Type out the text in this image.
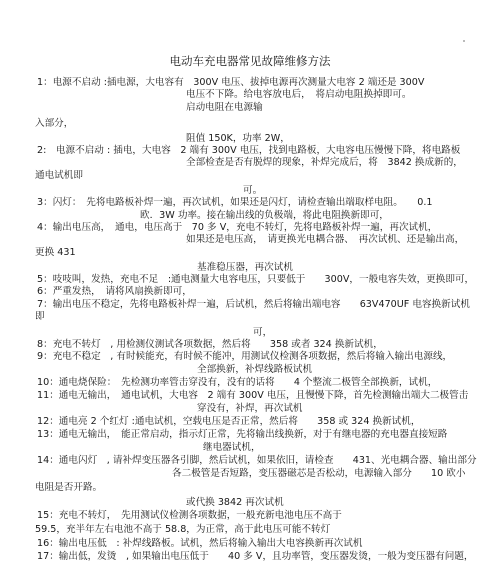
电动车充电器常见故障维修方法
1：电源不启动 :插电源，大电容有　300V 电压、拔掉电源再次测量大电容 2 端还是 300V
电压不下降。给电容放电后，　将启动电阻换掉即可。
启动电阻在电源输
入部分，
阻值 150K，功率 2W，
2:　电源不启动 : 插电，大电容　2 端有 300V 电压，找到电路板，大电容电压慢慢下降，将电路板
全部检查是否有脱焊的现象，补焊完成后，将　3842 换成新的，
通电试机即
可。
3：闪灯：　先将电路板补焊一遍，再次试机，如果还是闪灯，请检查输出端取样电阻。　　0.1
欧．3W 功率。接在输出线的负极端，将此电阻换新即可，
4：输出电压高，　通电，电压高于　70 多 V，充电不转灯，先将电路板补焊一遍，再次试机，
如果还是电压高，　请更换光电耦合器、　再次试机、还是输出高，
更换 431
基准稳压器，再次试机
5：吱吱叫，发热，充电不足　:通电测量大电容电压，只要低于　　300V，一般电容失效，更换即可，
6：严重发热，　请将风扇换新即可，
7：输出电压不稳定，先将电路板补焊一遍，后试机，然后将输出端电容　　63V470UF 电容换新试机
即
可，
8：充电不转灯　, 用检测仪测试各项数据，然后将　　358 或者 324 换新试机，
9：充电不稳定　, 有时候能充，有时候不能冲，用测试仪检测各项数据，然后将输入输出电源线，
全部换新，补焊线路板试机
10：通电烧保险：　先检测功率管击穿没有，没有的话将　　4 个整流二极管全部换新，试机，
11：通电无输出，　通电试机，大电容　2 端有 300V 电压，且慢慢下降，首先检测输出端大二极管击
穿没有，补焊，再次试机
12：通电亮 2 个红灯 :通电试机，空载电压是否正常，然后将　　358 或 324 换新试机，
13：通电无输出，　能正常启动，指示灯正常，先将输出线换新，对于有继电器的充电器直接短路
继电器试机，
14：通电闪灯　, 请补焊变压器各引脚，然后试机，如果依旧，请检查　　431、光电耦合器、输出部分
各二极管是否短路，变压器磁芯是否松动，电源输入部分　　10 欧小
电阻是否开路。
或代换 3842 再次试机
15：充电不转灯，　先用测试仪检测各项数据，一般充新电池电压不高于
59.5，充半年左右电池不高于 58.8，为正常，高于此电压可能不转灯
16：输出电压低　: 补焊线路板。试机，然后将输入输出大电容换新再次试机
17：输出低，发烫　, 如果输出电压低于　　40 多 V，且功率管，变压器发烫，一般为变压器有问题，
